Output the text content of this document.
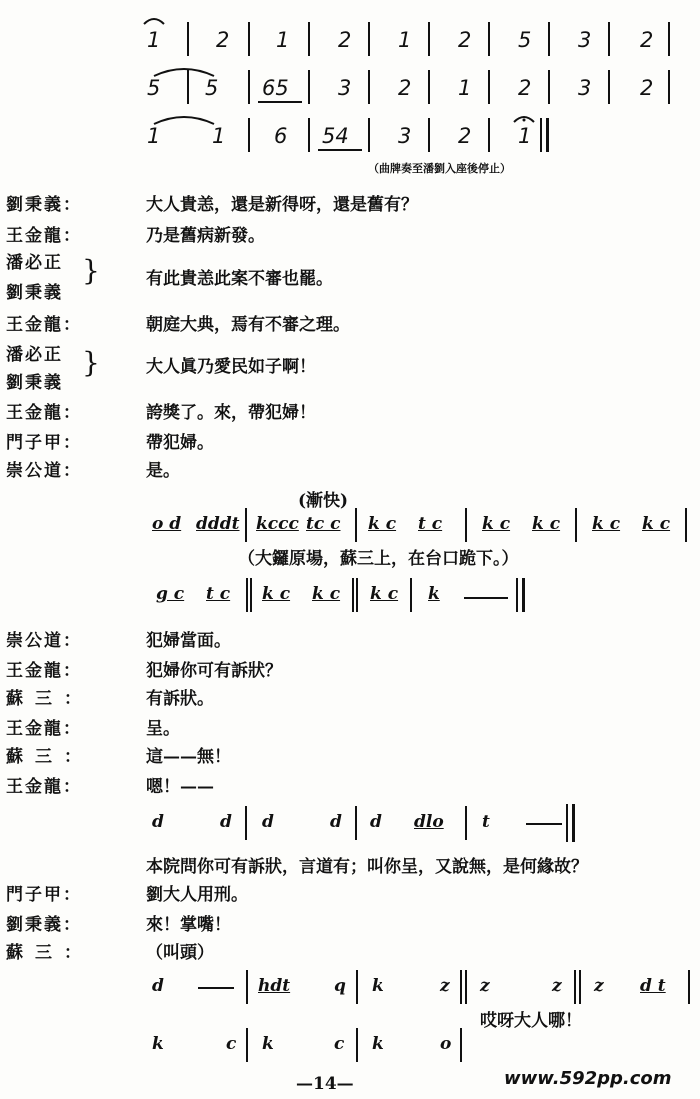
1	2 1 2 1 2 5 3 2
5 5 65 3 2 1 2 3 2
1 1 6 54 3 2 1
（曲牌奏至潘劉入座後停止）
劉秉義：	大人貴恙，還是新得呀，還是舊有？
王金龍：	乃是舊病新發。
潘必正
劉秉義
}	有此貴恙此案不審也罷。
王金龍：	朝庭大典，焉有不審之理。
潘必正
劉秉義
}	大人眞乃愛民如子啊！
王金龍：	誇獎了。來，帶犯婦！
門子甲：	帶犯婦。
崇公道：	是。
(漸快)
o d dddt kccc tc c k c t c k c k c k c k c
（大鑼原場，蘇三上，在台口跪下。）
g c t c k c k c k c k
崇公道：	犯婦當面。
王金龍：	犯婦你可有訴狀？
蘇三：	有訴狀。
王金龍：	呈。
蘇三：	這——無！
王金龍：	嗯！——
d	d d	d d dlo t
本院問你可有訴狀，言道有；叫你呈，又說無，是何緣故？
門子甲：	劉大人用刑。
劉秉義：	來！掌嘴！
蘇三：	（叫頭）
d	hdt	q k	z z	z z d t
哎呀大人哪！
k	c k	c k	o
—14—	www.592pp.com
